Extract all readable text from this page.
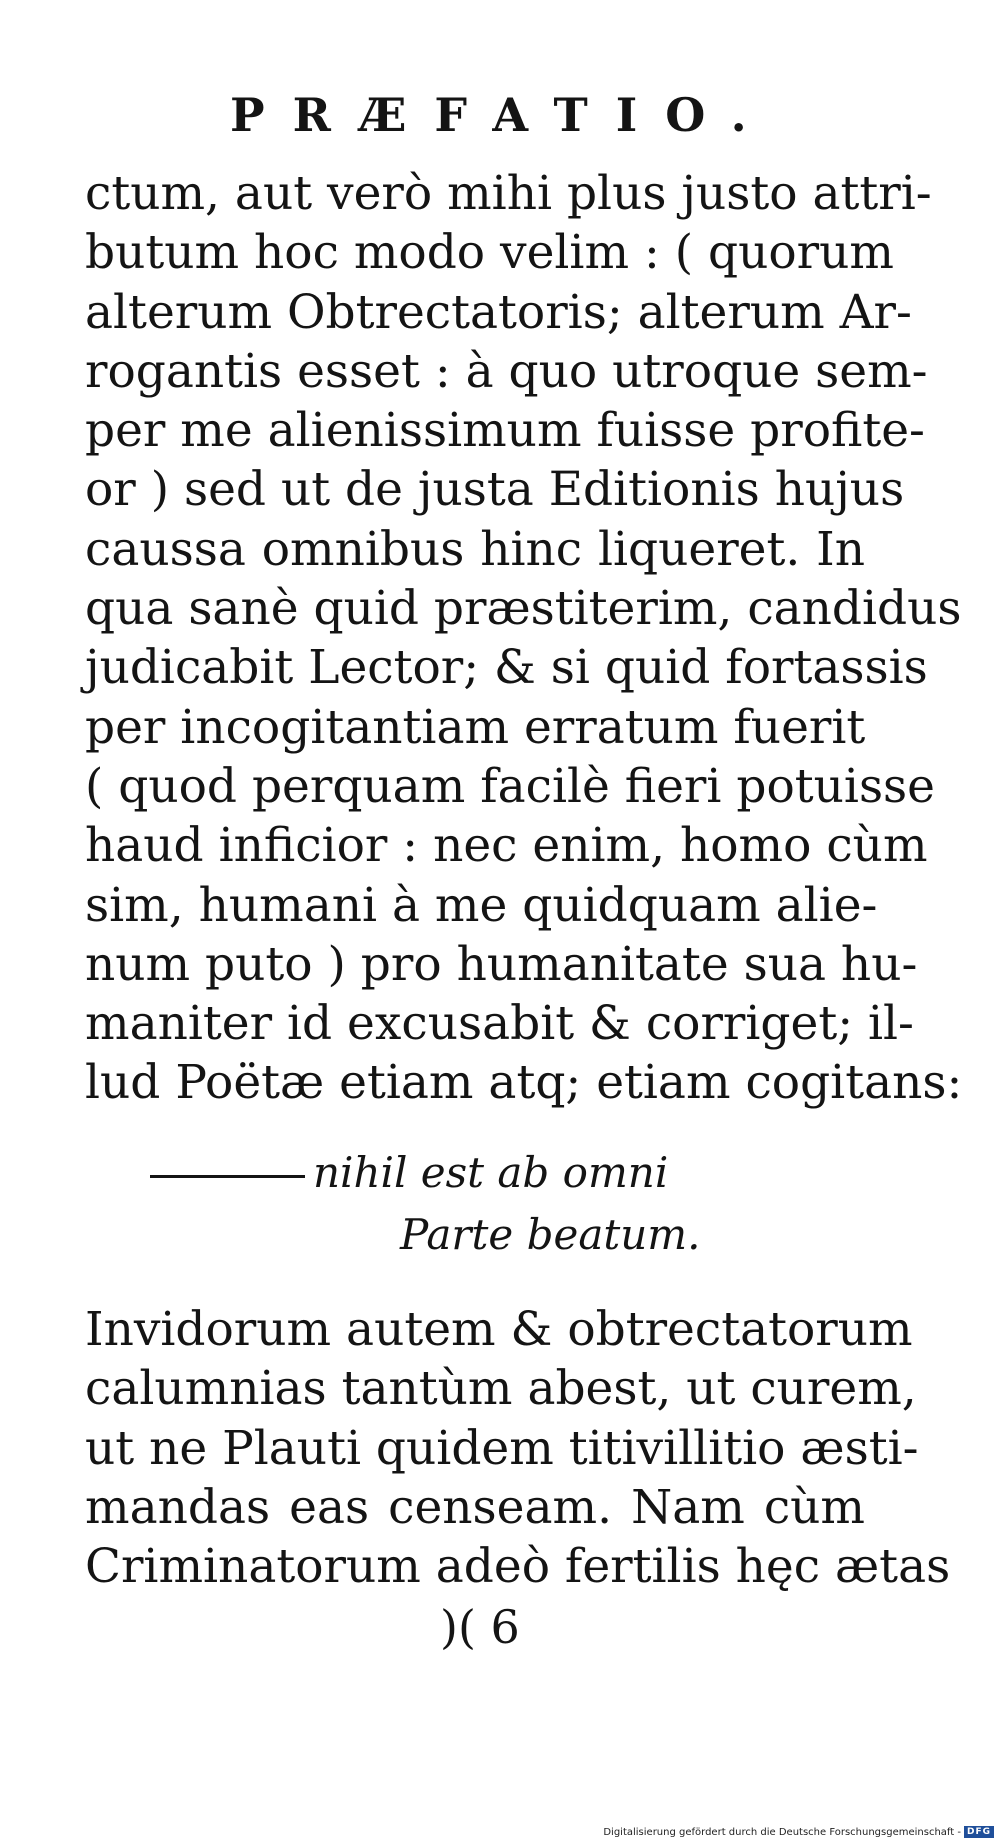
PRÆFATIO.
ctum, aut verò mihi plus justo attri-
butum hoc modo velim : ( quorum
alterum Obtrectatoris; alterum Ar-
rogantis esset : à quo utroque sem-
per me alienissimum fuisse profite-
or ) sed ut de justa Editionis hujus
caussa omnibus hinc liqueret. In
qua sanè quid præstiterim, candidus
judicabit Lector; & si quid fortassis
per incogitantiam erratum fuerit
( quod perquam facilè fieri potuisse
haud inficior : nec enim, homo cùm
sim, humani à me quidquam alie-
num puto ) pro humanitate sua hu-
maniter id excusabit & corriget; il-
lud Poëtæ etiam atq; etiam cogitans:
nihil est ab omni
Parte beatum.
Invidorum autem & obtrectatorum
calumnias tantùm abest, ut curem,
ut ne Plauti quidem titivillitio æsti-
mandas eas censeam. Nam cùm
Criminatorum adeò fertilis hęc ætas
)( 6
Digitalisierung gefördert durch die Deutsche Forschungsgemeinschaft - DFG
